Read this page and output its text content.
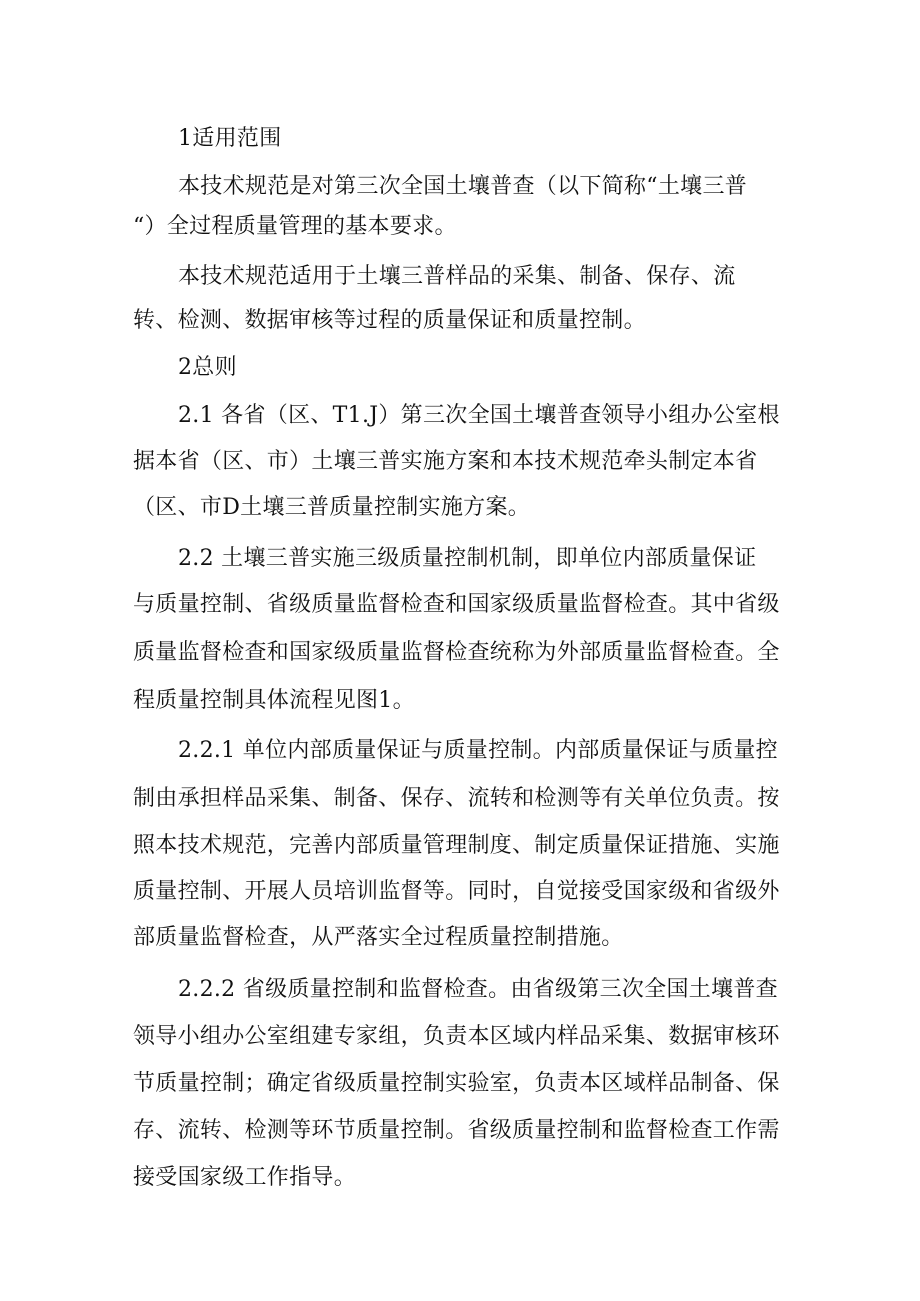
1适用范围
本技术规范是对第三次全国土壤普查（以下简称“土壤三普
“）全过程质量管理的基本要求。
本技术规范适用于土壤三普样品的采集、制备、保存、流
转、检测、数据审核等过程的质量保证和质量控制。
2总则
2.1 各省（区、T1.J）第三次全国土壤普查领导小组办公室根
据本省（区、市）土壤三普实施方案和本技术规范牵头制定本省
（区、市D土壤三普质量控制实施方案。
2.2 土壤三普实施三级质量控制机制，即单位内部质量保证
与质量控制、省级质量监督检查和国家级质量监督检查。其中省级
质量监督检查和国家级质量监督检查统称为外部质量监督检查。全
程质量控制具体流程见图1。
2.2.1 单位内部质量保证与质量控制。内部质量保证与质量控
制由承担样品采集、制备、保存、流转和检测等有关单位负责。按
照本技术规范，完善内部质量管理制度、制定质量保证措施、实施
质量控制、开展人员培训监督等。同时，自觉接受国家级和省级外
部质量监督检查，从严落实全过程质量控制措施。
2.2.2 省级质量控制和监督检查。由省级第三次全国土壤普查
领导小组办公室组建专家组，负责本区域内样品采集、数据审核环
节质量控制；确定省级质量控制实验室，负责本区域样品制备、保
存、流转、检测等环节质量控制。省级质量控制和监督检查工作需
接受国家级工作指导。
